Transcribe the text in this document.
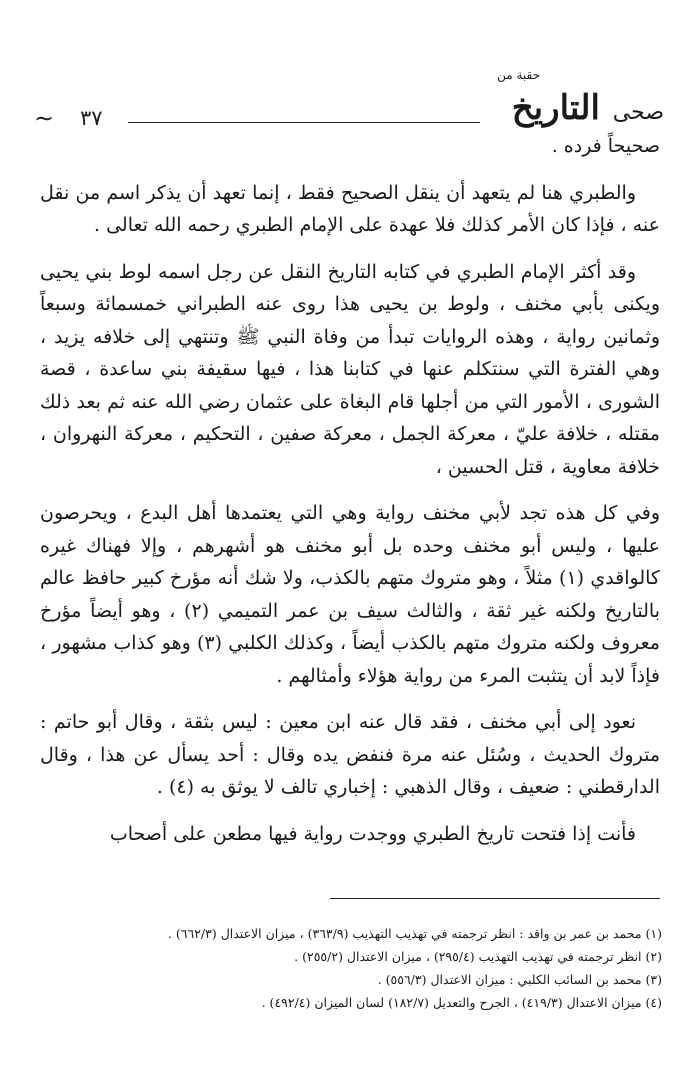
∼ ٣٧
حقبة من
التاريخ صحی

صحيحاً فرده .

والطبري هنا لم يتعهد أن ينقل الصحيح فقط ، إنما تعهد أن يذكر اسم من نقل عنه ، فإذا كان الأمر كذلك فلا عهدة على الإمام الطبري رحمه الله تعالى .

وقد أكثر الإمام الطبري في كتابه التاريخ النقل عن رجل اسمه لوط بني يحيى ويكنى بأبي مخنف ، ولوط بن يحيى هذا روى عنه الطبراني خمسمائة وسبعاً وثمانين رواية ، وهذه الروايات تبدأ من وفاة النبي ﷺ وتنتهي إلى خلافه يزيد ، وهي الفترة التي سنتكلم عنها في كتابنا هذا ، فيها سقيفة بني ساعدة ، قصة الشورى ، الأمور التي من أجلها قام البغاة على عثمان رضي الله عنه ثم بعد ذلك مقتله ، خلافة عليّ ، معركة الجمل ، معركة صفين ، التحكيم ، معركة النهروان ، خلافة معاوية ، قتل الحسين ،

وفي كل هذه تجد لأبي مخنف رواية وهي التي يعتمدها أهل البدع ، ويحرصون عليها ، وليس أبو مخنف وحده بل أبو مخنف هو أشهرهم ، وإلا فهناك غيره كالواقدي (١) مثلاً ، وهو متروك متهم بالكذب، ولا شك أنه مؤرخ كبير حافظ عالم بالتاريخ ولكنه غير ثقة ، والثالث سيف بن عمر التميمي (٢) ، وهو أيضاً مؤرخ معروف ولكنه متروك متهم بالكذب أيضاً ، وكذلك الكلبي (٣) وهو كذاب مشهور ، فإذاً لابد أن يتثبت المرء من رواية هؤلاء وأمثالهم .

نعود إلى أبي مخنف ، فقد قال عنه ابن معين : ليس بثقة ، وقال أبو حاتم : متروك الحديث ، وسُئل عنه مرة فنفض يده وقال : أحد يسأل عن هذا ، وقال الدارقطني : ضعيف ، وقال الذهبي : إخباري تالف لا يوثق به (٤) .

فأنت إذا فتحت تاريخ الطبري ووجدت رواية فيها مطعن على أصحاب

(١) محمد بن عمر بن واقد : انظر ترجمته في تهذيب التهذيب (٣٦٣/٩) ، ميزان الاعتدال (٦٦٢/٣) .
(٢) انظر ترجمته في تهذيب التهذيب (٢٩٥/٤) ، ميزان الاعتدال (٢٥٥/٢) .
(٣) محمد بن السائب الكلبي : ميزان الاعتدال (٥٥٦/٣) .
(٤) ميزان الاعتدال (٤١٩/٣) ، الجرح والتعديل (١٨٢/٧) لسان الميزان (٤٩٢/٤) .
